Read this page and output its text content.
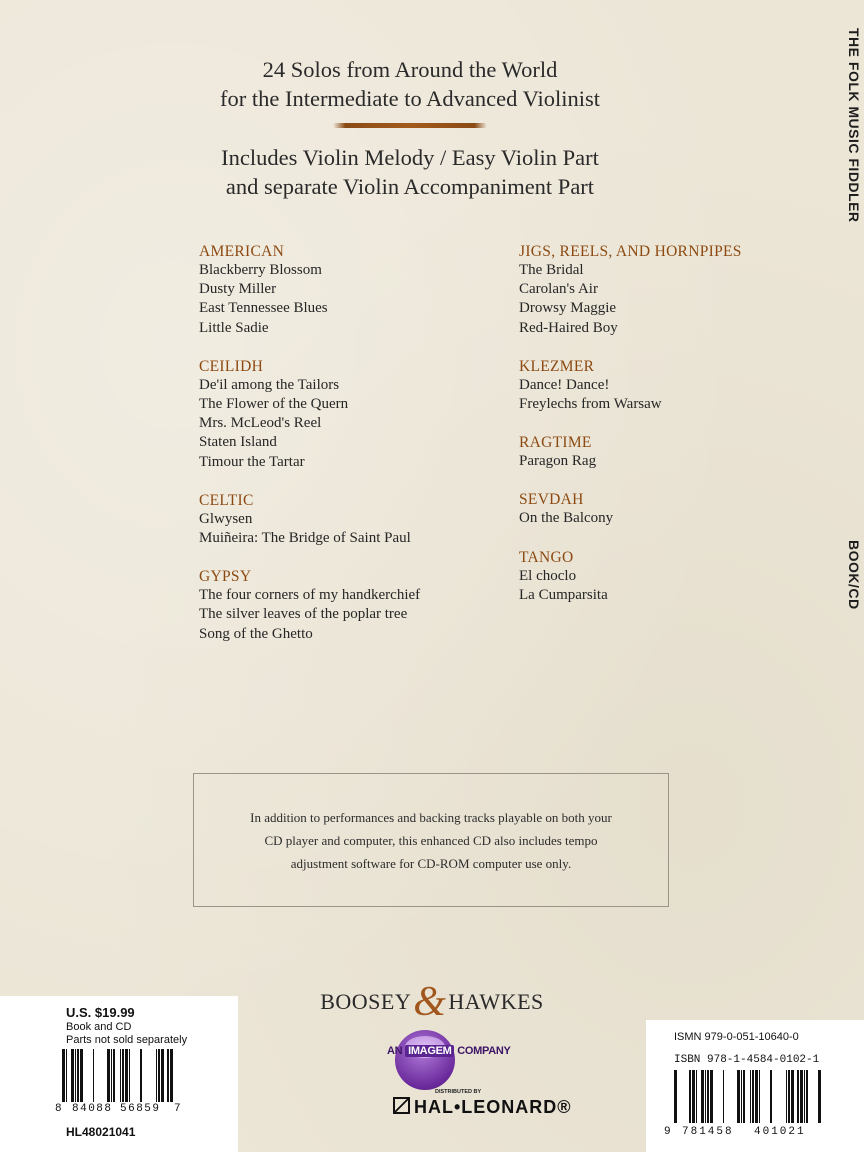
24 Solos from Around the World
for the Intermediate to Advanced Violinist
Includes Violin Melody / Easy Violin Part
and separate Violin Accompaniment Part	THE FOLK MUSIC FIDDLER
BOOK/CD
AMERICAN
Blackberry Blossom
Dusty Miller
East Tennessee Blues
Little Sadie
CEILIDH
De'il among the Tailors
The Flower of the Quern
Mrs. McLeod's Reel
Staten Island
Timour the Tartar
CELTIC
Glwysen
Muiñeira: The Bridge of Saint Paul
GYPSY
The four corners of my handkerchief
The silver leaves of the poplar tree
Song of the Ghetto
JIGS, REELS, AND HORNPIPES
The Bridal
Carolan's Air
Drowsy Maggie
Red-Haired Boy
KLEZMER
Dance! Dance!
Freylechs from Warsaw
RAGTIME
Paragon Rag
SEVDAH
On the Balcony
TANGO
El choclo
La Cumparsita
In addition to performances and backing tracks playable on both your CD player and computer, this enhanced CD also includes tempo adjustment software for CD-ROM computer use only.
BOOSEY&HAWKES
AN IMAGEM COMPANY
DISTRIBUTED BY
HAL•LEONARD®
U.S. $19.99
Book and CD
Parts not sold separately
8 84088 56859 7
HL48021041
ISMN 979-0-051-10640-0
ISBN 978-1-4584-0102-1
9 781458 401021
